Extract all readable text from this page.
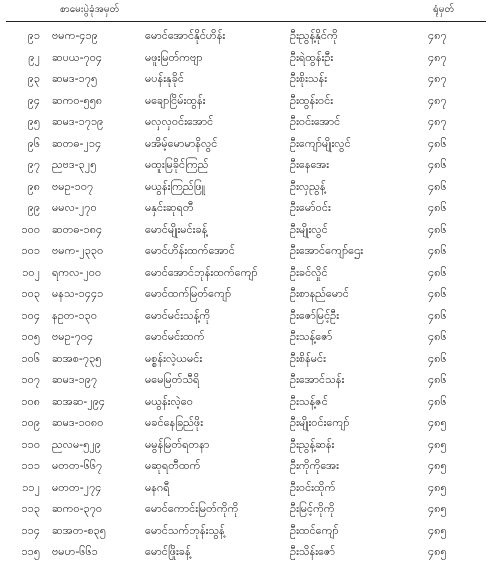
စာမေးပွဲခုံအမှတ်	ရုံမှတ်
၉၁ ဗမက-၄၁၉	မောင်အောင်နိုင်ဟိန်း	ဦးညွန့်နိုင်ကို	၄၈၇
၉၂ ဆပယ-၇၀၄	မဖူးမြတ်ကဗျာ	ဦးရဲထွန်းဦး	၄၈၇
၉၃ ဆမဒ-၁၇၅	မပန်းနုခိုင်	ဦးစိုးသန်း	၄၈၇
၉၄ ဆကဝ-၅၅၈	မချောငြိမ်းထွန်း	ဦးထွန်းဝင်း	၄၈၇
၉၅ ဆမဒ-၁၇၁၉	မလှလှဝင်းအောင်	ဦးဝင်းအောင်	၄၈၇
၉၆ ဆတဓ-၂၁၄	မအိမ့်မောမာနိလွင်	ဦးကျော်မျိုးလွင်	၄၈၆
၉၇ ညဗဒ-၃၂၅	မထူးမြခိုင်ကြည်	ဦးနေအေး	၄၈၆
၉၈ ဗမဥ-၁၀၇	မယွန်းကြည်ဖြူ	ဦးလှညွန့်	၄၈၆
၉၉ မမလ-၂၇၀	မနှင်းဆုရတီ	ဦးမော်ဝင်း	၄၈၆
၁၀၀ ဆတဓ-၁၈၄	မောင်မျိုးမင်းခန့်	ဦးမျိုးလွင်	၄၈၆
၁၀၁ ဗမက-၂၃၃၀	မောင်ဟိန်းထက်အောင်	ဦးအောင်ကျော်ဌေး	၄၈၆
၁၀၂ ရကလ-၂၀၀	မောင်အောင်ဘုန်းထက်ကျော်	ဦးခင်လှိုင်	၄၈၆
၁၀၃ မနသ-၁၄၄၁	မောင်ထက်မြတ်ကျော်	ဦးစာနည်မောင်	၄၈၆
၁၀၄ နဥတ-၁၃၀	မောင်မင်းသန့်ကို	ဦးဇော်မြင့်ဦး	၄၈၆
၁၀၅ ဗမဥ-၇၀၄	မောင်မင်းထက်	ဦးသန့်ဇော်	၄၈၆
၁၀၆ ဆအစ-၇၃၅	မစ္စန်းလဲ့ယမင်း	ဦးစိန်မင်း	၄၈၆
၁၀၇ ဆမဒ-၁၉၇	မမေမြတ်သီရိ	ဦးအောင်သန်း	၄၈၆
၁၀၈ ဆအဆ-၂၉၄	မယွန်းလဲ့ဝေ	ဦးသန့်ဇင်	၄၈၆
၁၀၉ ဆမဒ-၁၀၈၀	မခင်နေခြည်ဖိုး	ဦးမျိုးဝင်းကျော်	၄၈၅
၁၁၀ ညလမ-၅၂၉	မမွန်မြတ်ရတနာ	ဦးညွန့်ဆန်း	၄၈၅
၁၁၁ မတတ-၆၆၇	မဆုရတီထက်	ဦးကိုကိုအေး	၄၈၅
၁၁၂ မတတ-၂၇၄	မနဂရီ	ဦးဝင်းထိုက်	၄၈၅
၁၁၃ ဆကဝ-၃၇၀	မောင်ကောင်းမြတ်ကိုကို	ဦးမြင့်ကိုကို	၄၈၅
၁၁၄ ဆအတ-စ၃၅	မောင်သက်ဘုန်းသွန့်	ဦးထင်ကျော်	၄၈၅
၁၁၅ ဗမဟ-၆၆၁	မောင်ဖြိုးခန့်	ဦးသိန်းဇော်	၄၈၅
